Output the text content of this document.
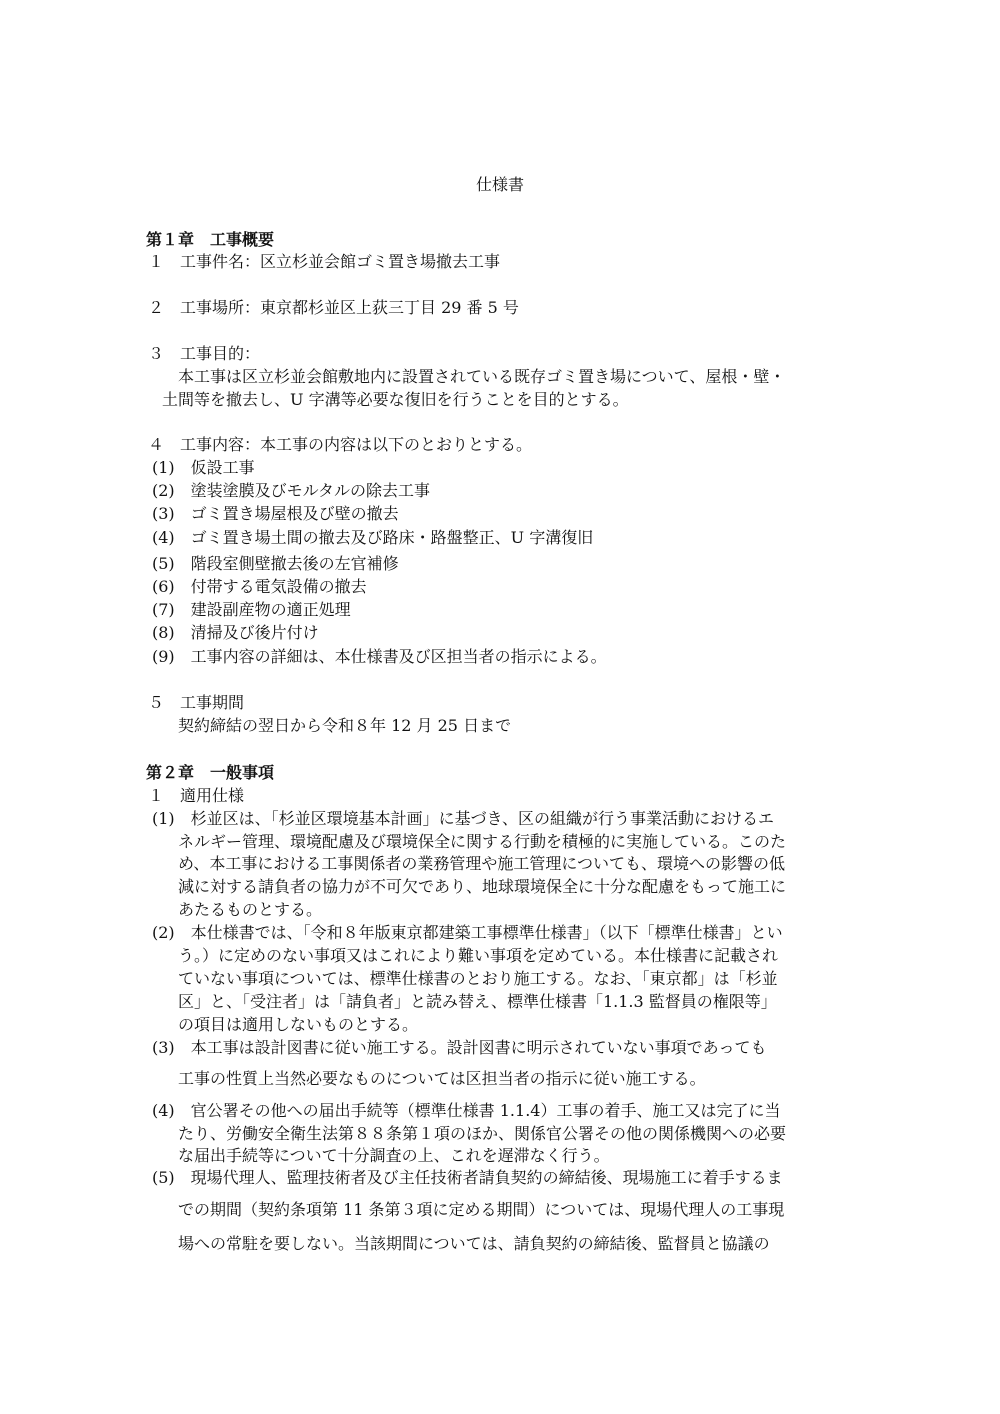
仕様書
第１章　工事概要
１　工事件名：区立杉並会館ゴミ置き場撤去工事
２　工事場所：東京都杉並区上荻三丁目 29 番 5 号
３　工事目的：
本工事は区立杉並会館敷地内に設置されている既存ゴミ置き場について、屋根・壁・
土間等を撤去し、U 字溝等必要な復旧を行うことを目的とする。
４　工事内容：本工事の内容は以下のとおりとする。
(1)　仮設工事
(2)　塗装塗膜及びモルタルの除去工事
(3)　ゴミ置き場屋根及び壁の撤去
(4)　ゴミ置き場土間の撤去及び路床・路盤整正、U 字溝復旧
(5)　階段室側壁撤去後の左官補修
(6)　付帯する電気設備の撤去
(7)　建設副産物の適正処理
(8)　清掃及び後片付け
(9)　工事内容の詳細は、本仕様書及び区担当者の指示による。
５　工事期間
契約締結の翌日から令和８年 12 月 25 日まで
第２章　一般事項
１　適用仕様
(1)　杉並区は、「杉並区環境基本計画」に基づき、区の組織が行う事業活動におけるエ
ネルギー管理、環境配慮及び環境保全に関する行動を積極的に実施している。このた
め、本工事における工事関係者の業務管理や施工管理についても、環境への影響の低
減に対する請負者の協力が不可欠であり、地球環境保全に十分な配慮をもって施工に
あたるものとする。
(2)　本仕様書では、「令和８年版東京都建築工事標準仕様書」（以下「標準仕様書」とい
う。）に定めのない事項又はこれにより難い事項を定めている。本仕様書に記載され
ていない事項については、標準仕様書のとおり施工する。なお、「東京都」は「杉並
区」と、「受注者」は「請負者」と読み替え、標準仕様書「1.1.3 監督員の権限等」
の項目は適用しないものとする。
(3)　本工事は設計図書に従い施工する。設計図書に明示されていない事項であっても
工事の性質上当然必要なものについては区担当者の指示に従い施工する。
(4)　官公署その他への届出手続等（標準仕様書 1.1.4）工事の着手、施工又は完了に当
たり、労働安全衛生法第８８条第１項のほか、関係官公署その他の関係機関への必要
な届出手続等について十分調査の上、これを遅滞なく行う。
(5)　現場代理人、監理技術者及び主任技術者請負契約の締結後、現場施工に着手するま
での期間（契約条項第 11 条第３項に定める期間）については、現場代理人の工事現
場への常駐を要しない。当該期間については、請負契約の締結後、監督員と協議の
